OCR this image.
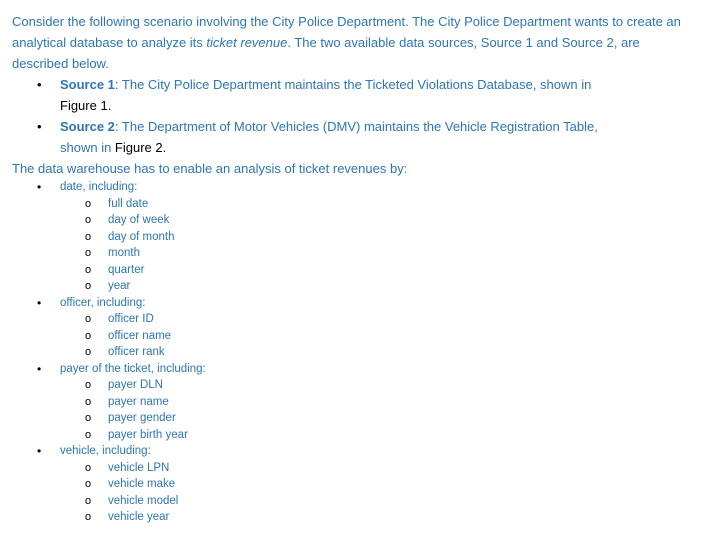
Consider the following scenario involving the City Police Department. The City Police Department wants to create an analytical database to analyze its ticket revenue. The two available data sources, Source 1 and Source 2, are described below.

• Source 1: The City Police Department maintains the Ticketed Violations Database, shown in Figure 1.
• Source 2: The Department of Motor Vehicles (DMV) maintains the Vehicle Registration Table, shown in Figure 2.

The data warehouse has to enable an analysis of ticket revenues by:

• date, including:
o full date
o day of week
o day of month
o month
o quarter
o year
• officer, including:
o officer ID
o officer name
o officer rank
• payer of the ticket, including:
o payer DLN
o payer name
o payer gender
o payer birth year
• vehicle, including:
o vehicle LPN
o vehicle make
o vehicle model
o vehicle year
